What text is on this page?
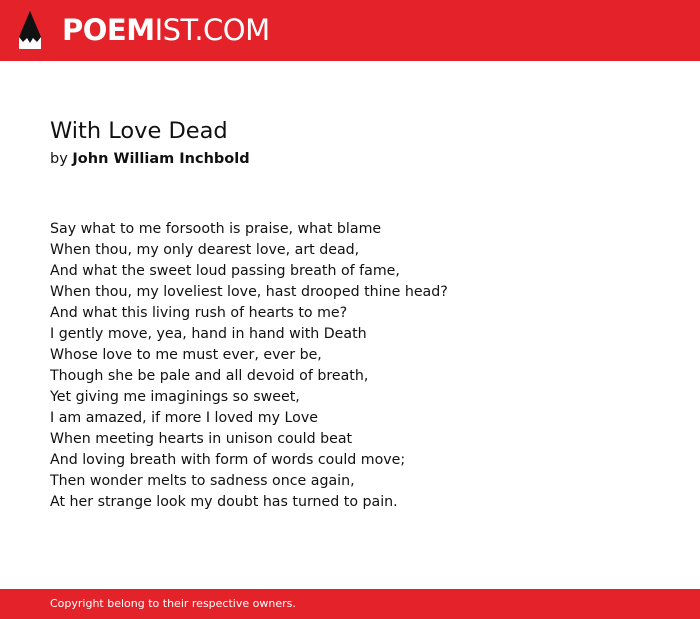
POEMIST.COM
With Love Dead
by John William Inchbold
Say what to me forsooth is praise, what blame
When thou, my only dearest love, art dead,
And what the sweet loud passing breath of fame,
When thou, my loveliest love, hast drooped thine head?
And what this living rush of hearts to me?
I gently move, yea, hand in hand with Death
Whose love to me must ever, ever be,
Though she be pale and all devoid of breath,
Yet giving me imaginings so sweet,
I am amazed, if more I loved my Love
When meeting hearts in unison could beat
And loving breath with form of words could move;
Then wonder melts to sadness once again,
At her strange look my doubt has turned to pain.
Copyright belong to their respective owners.
